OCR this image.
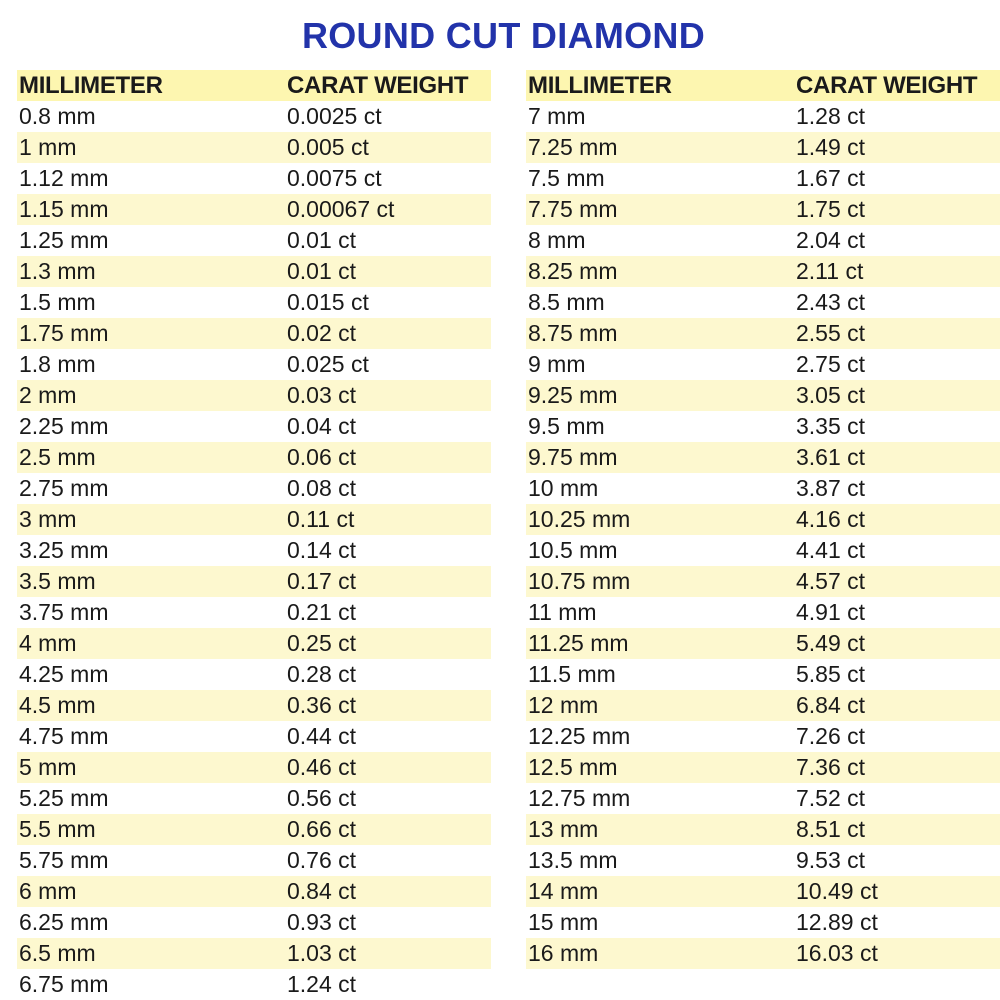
ROUND CUT DIAMOND
MILLIMETER	CARAT WEIGHT
0.8 mm	0.0025 ct
1 mm	0.005 ct
1.12 mm	0.0075 ct
1.15 mm	0.00067 ct
1.25 mm	0.01 ct
1.3 mm	0.01 ct
1.5 mm	0.015 ct
1.75 mm	0.02 ct
1.8 mm	0.025 ct
2 mm	0.03 ct
2.25 mm	0.04 ct
2.5 mm	0.06 ct
2.75 mm	0.08 ct
3 mm	0.11 ct
3.25 mm	0.14 ct
3.5 mm	0.17 ct
3.75 mm	0.21 ct
4 mm	0.25 ct
4.25 mm	0.28 ct
4.5 mm	0.36 ct
4.75 mm	0.44 ct
5 mm	0.46 ct
5.25 mm	0.56 ct
5.5 mm	0.66 ct
5.75 mm	0.76 ct
6 mm	0.84 ct
6.25 mm	0.93 ct
6.5 mm	1.03 ct
6.75 mm	1.24 ct
MILLIMETER	CARAT WEIGHT
7 mm	1.28 ct
7.25 mm	1.49 ct
7.5 mm	1.67 ct
7.75 mm	1.75 ct
8 mm	2.04 ct
8.25 mm	2.11 ct
8.5 mm	2.43 ct
8.75 mm	2.55 ct
9 mm	2.75 ct
9.25 mm	3.05 ct
9.5 mm	3.35 ct
9.75 mm	3.61 ct
10 mm	3.87 ct
10.25 mm	4.16 ct
10.5 mm	4.41 ct
10.75 mm	4.57 ct
11 mm	4.91 ct
11.25 mm	5.49 ct
11.5 mm	5.85 ct
12 mm	6.84 ct
12.25 mm	7.26 ct
12.5 mm	7.36 ct
12.75 mm	7.52 ct
13 mm	8.51 ct
13.5 mm	9.53 ct
14 mm	10.49 ct
15 mm	12.89 ct
16 mm	16.03 ct
